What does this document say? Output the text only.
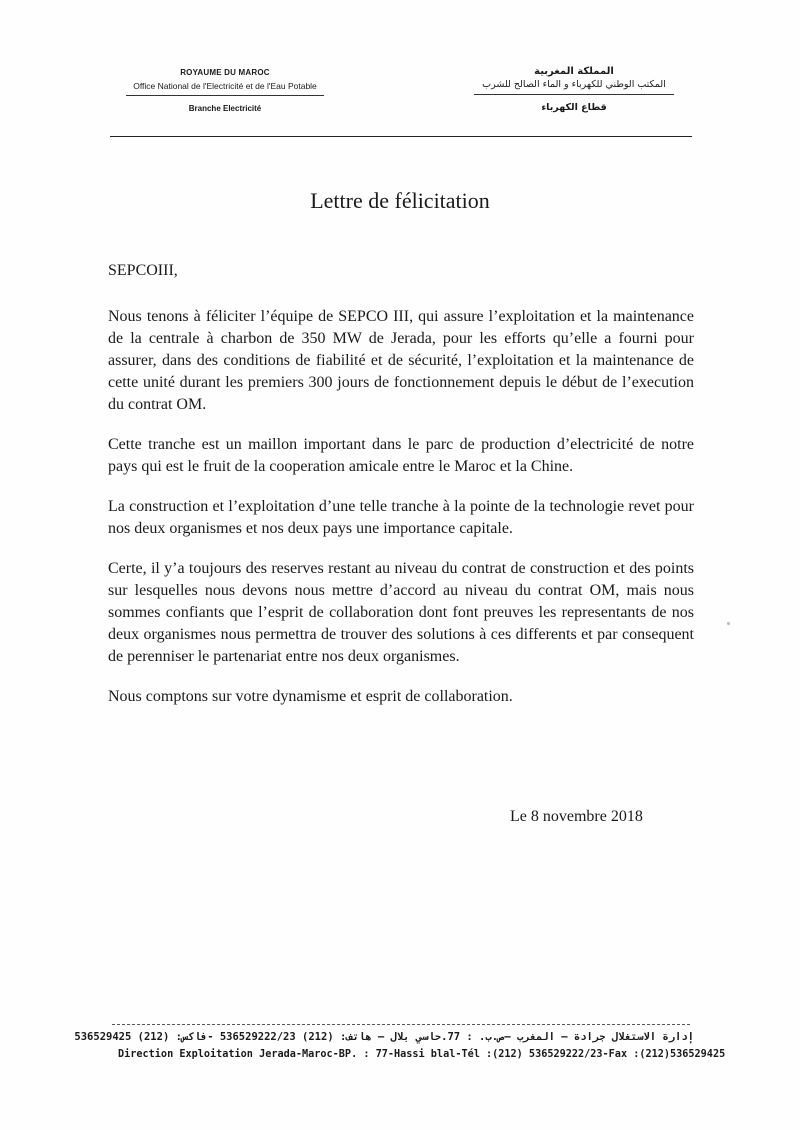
ROYAUME DU MAROC
Office National de l'Electricité et de l'Eau Potable
Branche Electricité
المملكة المغربية
المكتب الوطني للكهرباء و الماء الصالح للشرب
قطاع الكهرباء
Lettre de félicitation
SEPCOIII,

Nous tenons à féliciter l’équipe de SEPCO III, qui assure l’exploitation et la maintenance de la centrale à charbon de 350 MW de Jerada, pour les efforts qu’elle a fourni pour assurer, dans des conditions de fiabilité et de sécurité, l’exploitation et la maintenance de cette unité durant les premiers 300 jours de fonctionnement depuis le début de l’execution du contrat OM.

Cette tranche est un maillon important dans le parc de production d’electricité de notre pays qui est le fruit de la cooperation amicale entre le Maroc et la Chine.

La construction et l’exploitation d’une telle tranche à la pointe de la technologie revet pour nos deux organismes et nos deux pays une importance capitale.

Certe, il y’a toujours des reserves restant au niveau du contrat de construction et des points sur lesquelles nous devons nous mettre d’accord au niveau du contrat OM, mais nous sommes confiants que l’esprit de collaboration dont font preuves les representants de nos deux organismes nous permettra de trouver des solutions à ces differents et par consequent de perenniser le partenariat entre nos deux organismes.

Nous comptons sur votre dynamisme et esprit de collaboration.

Le 8 novembre 2018
إدارة الاستغلال جرادة – المغرب –ص.ب. : 77.حاسي بلال – هاتف: (212) 536529222/23 -فاكس: (212) 536529425
Direction Exploitation Jerada-Maroc-BP. : 77-Hassi blal-Tél :(212) 536529222/23-Fax :(212)536529425
